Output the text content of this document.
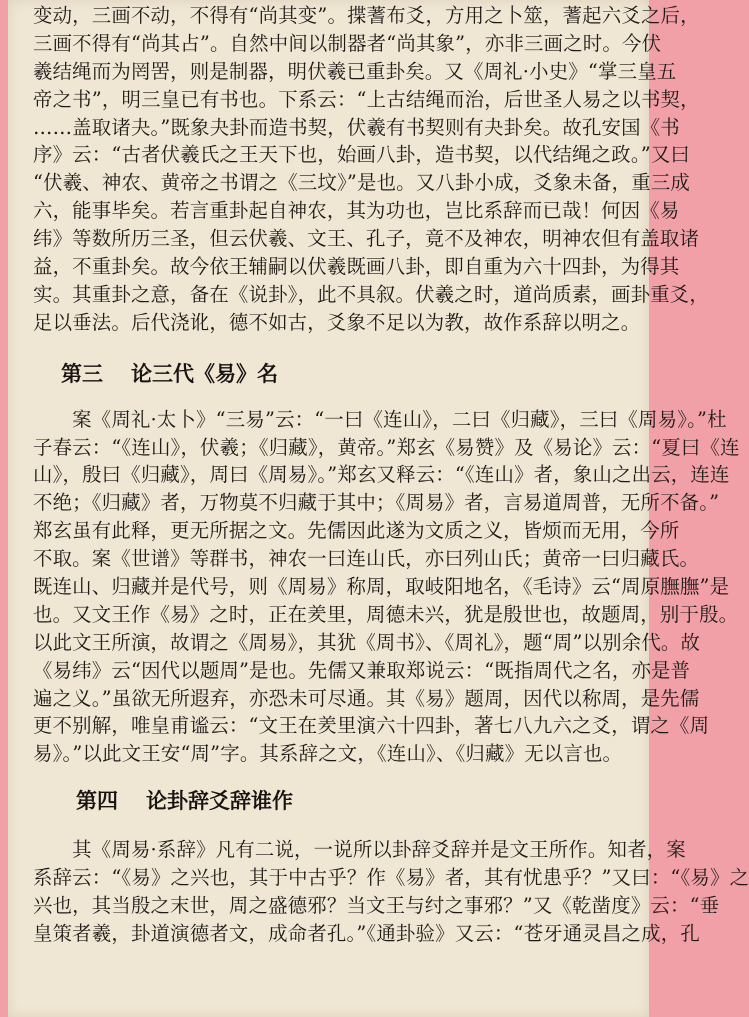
变动，三画不动，不得有“尚其变”。揲蓍布爻，方用之卜筮，蓍起六爻之后，
三画不得有“尚其占”。自然中间以制器者“尚其象”，亦非三画之时。今伏
羲结绳而为罔罟，则是制器，明伏羲已重卦矣。又《周礼·小史》“掌三皇五
帝之书”，明三皇已有书也。下系云：“上古结绳而治，后世圣人易之以书契，
……盖取诸夬。”既象夬卦而造书契，伏羲有书契则有夬卦矣。故孔安国《书
序》云：“古者伏羲氏之王天下也，始画八卦，造书契，以代结绳之政。”又曰
“伏羲、神农、黄帝之书谓之《三坟》”是也。又八卦小成，爻象未备，重三成
六，能事毕矣。若言重卦起自神农，其为功也，岂比系辞而已哉！何因《易
纬》等数所历三圣，但云伏羲、文王、孔子，竟不及神农，明神农但有盖取诸
益，不重卦矣。故今依王辅嗣以伏羲既画八卦，即自重为六十四卦，为得其
实。其重卦之意，备在《说卦》，此不具叙。伏羲之时，道尚质素，画卦重爻，
足以垂法。后代浇讹，德不如古，爻象不足以为教，故作系辞以明之。
第三 论三代《易》名
　　案《周礼·太卜》“三易”云：“一曰《连山》，二曰《归藏》，三曰《周易》。”杜
子春云：“《连山》，伏羲；《归藏》，黄帝。”郑玄《易赞》及《易论》云：“夏曰《连
山》，殷曰《归藏》，周曰《周易》。”郑玄又释云：“《连山》者，象山之出云，连连
不绝；《归藏》者，万物莫不归藏于其中；《周易》者，言易道周普，无所不备。”
郑玄虽有此释，更无所据之文。先儒因此遂为文质之义，皆烦而无用，今所
不取。案《世谱》等群书，神农一曰连山氏，亦曰列山氏；黄帝一曰归藏氏。
既连山、归藏并是代号，则《周易》称周，取岐阳地名，《毛诗》云“周原膴膴”是
也。又文王作《易》之时，正在羑里，周德未兴，犹是殷世也，故题周，别于殷。
以此文王所演，故谓之《周易》，其犹《周书》、《周礼》，题“周”以别余代。故
《易纬》云“因代以题周”是也。先儒又兼取郑说云：“既指周代之名，亦是普
遍之义。”虽欲无所遐弃，亦恐未可尽通。其《易》题周，因代以称周，是先儒
更不别解，唯皇甫谧云：“文王在羑里演六十四卦，著七八九六之爻，谓之《周
易》。”以此文王安“周”字。其系辞之文，《连山》、《归藏》无以言也。
第四 论卦辞爻辞谁作
　　其《周易·系辞》凡有二说，一说所以卦辞爻辞并是文王所作。知者，案
系辞云：“《易》之兴也，其于中古乎？作《易》者，其有忧患乎？”又曰：“《易》之
兴也，其当殷之末世，周之盛德邪？当文王与纣之事邪？”又《乾凿度》云：“垂
皇策者羲，卦道演德者文，成命者孔。”《通卦验》又云：“苍牙通灵昌之成，孔
